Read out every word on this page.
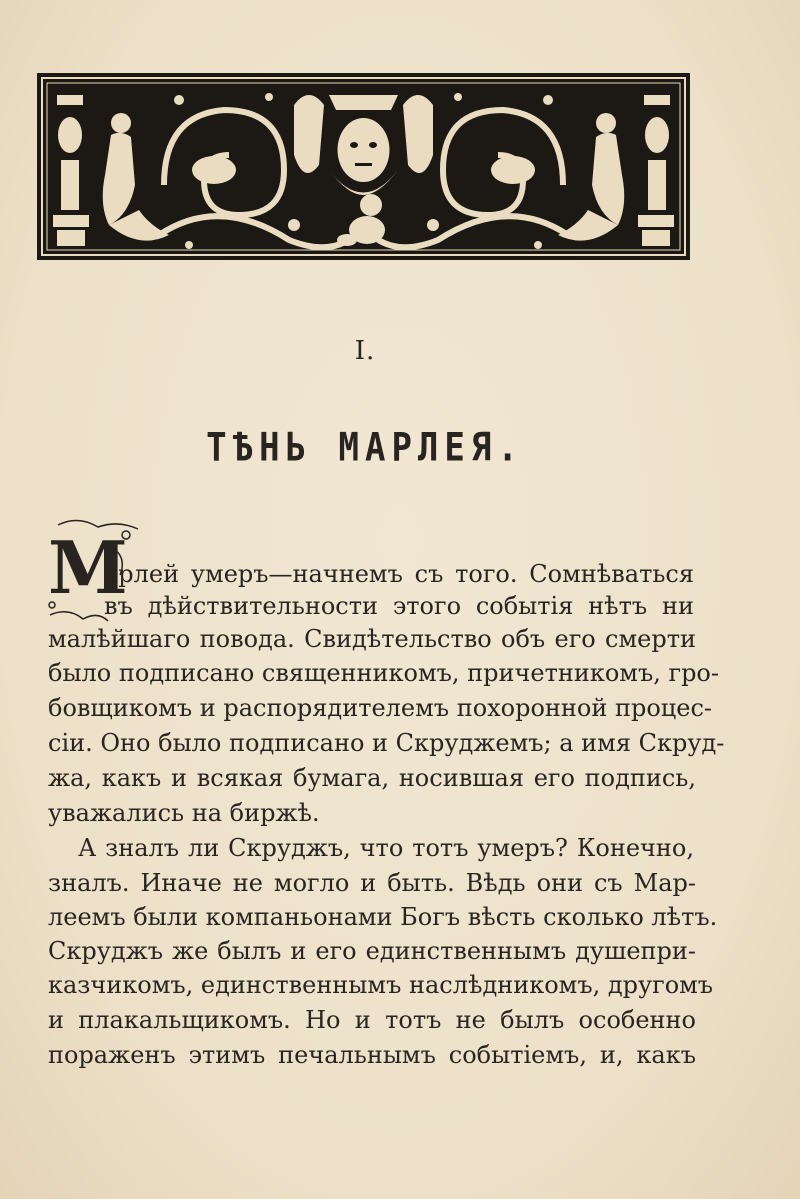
I.
ТѢНЬ МАРЛЕЯ.
М
арлей умеръ—начнемъ съ того. Сомнѣваться
въ дѣйствительности этого событія нѣтъ ни
малѣйшаго повода. Свидѣтельство объ его смерти
было подписано священникомъ, причетникомъ, гро-
бовщикомъ и распорядителемъ похоронной процес-
сіи. Оно было подписано и Скруджемъ; а имя Скруд-
жа, какъ и всякая бумага, носившая его подпись,
уважались на биржѣ.
А зналъ ли Скруджъ, что тотъ умеръ? Конечно,
зналъ. Иначе не могло и быть. Вѣдь они съ Мар-
леемъ были компаньонами Богъ вѣсть сколько лѣтъ.
Скруджъ же былъ и его единственнымъ душепри-
казчикомъ, единственнымъ наслѣдникомъ, другомъ
и плакальщикомъ. Но и тотъ не былъ особенно
пораженъ этимъ печальнымъ событіемъ, и, какъ
